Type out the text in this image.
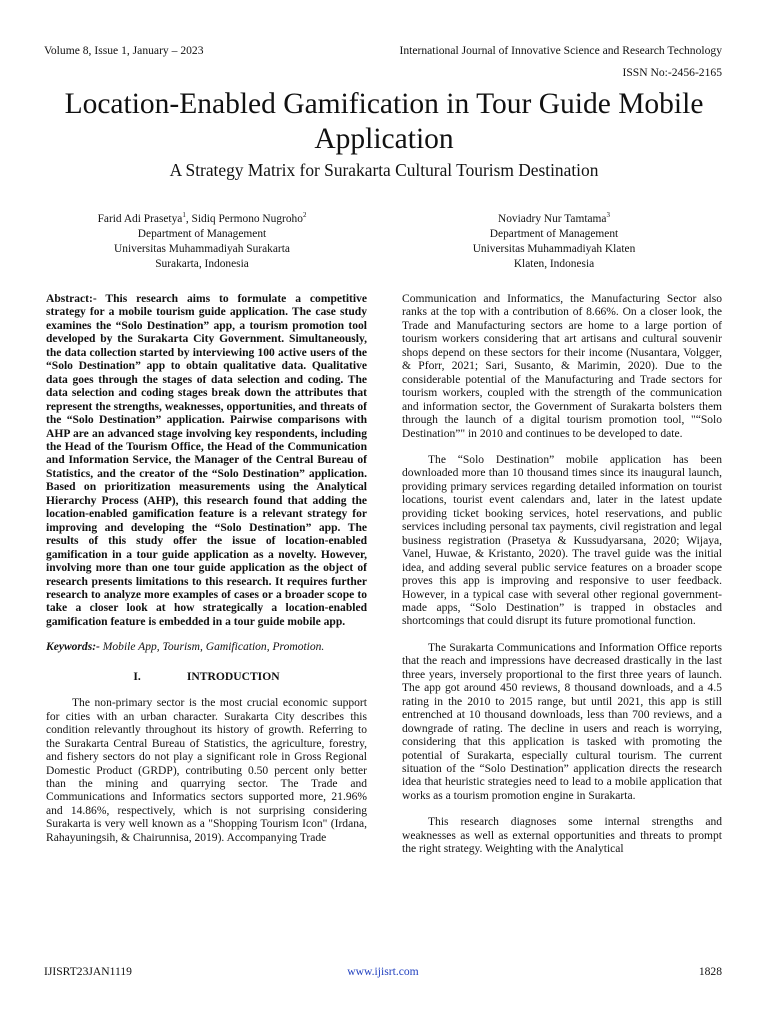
Volume 8, Issue 1, January – 2023	International Journal of Innovative Science and Research Technology
ISSN No:-2456-2165
Location-Enabled Gamification in Tour Guide Mobile Application
A Strategy Matrix for Surakarta Cultural Tourism Destination
Farid Adi Prasetya$^1$, Sidiq Permono Nugroho$^2$
Department of Management
Universitas Muhammadiyah Surakarta
Surakarta, Indonesia
Noviadry Nur Tamtama$^3$
Department of Management
Universitas Muhammadiyah Klaten
Klaten, Indonesia

Abstract:- This research aims to formulate a competitive strategy for a mobile tourism guide application. The case study examines the “Solo Destination” app, a tourism promotion tool developed by the Surakarta City Government. Simultaneously, the data collection started by interviewing 100 active users of the “Solo Destination” app to obtain qualitative data. Qualitative data goes through the stages of data selection and coding. The data selection and coding stages break down the attributes that represent the strengths, weaknesses, opportunities, and threats of the “Solo Destination” application. Pairwise comparisons with AHP are an advanced stage involving key respondents, including the Head of the Tourism Office, the Head of the Communication and Information Service, the Manager of the Central Bureau of Statistics, and the creator of the “Solo Destination” application. Based on prioritization measurements using the Analytical Hierarchy Process (AHP), this research found that adding the location-enabled gamification feature is a relevant strategy for improving and developing the “Solo Destination” app. The results of this study offer the issue of location-enabled gamification in a tour guide application as a novelty. However, involving more than one tour guide application as the object of research presents limitations to this research. It requires further research to analyze more examples of cases or a broader scope to take a closer look at how strategically a location-enabled gamification feature is embedded in a tour guide mobile app.

Keywords:- Mobile App, Tourism, Gamification, Promotion.

I.	INTRODUCTION

The non-primary sector is the most crucial economic support for cities with an urban character. Surakarta City describes this condition relevantly throughout its history of growth. Referring to the Surakarta Central Bureau of Statistics, the agriculture, forestry, and fishery sectors do not play a significant role in Gross Regional Domestic Product (GRDP), contributing 0.50 percent only better than the mining and quarrying sector. The Trade and Communications and Informatics sectors supported more, 21.96% and 14.86%, respectively, which is not surprising considering Surakarta is very well known as a "Shopping Tourism Icon" (Irdana, Rahayuningsih, & Chairunnisa, 2019). Accompanying Trade

Communication and Informatics, the Manufacturing Sector also ranks at the top with a contribution of 8.66%. On a closer look, the Trade and Manufacturing sectors are home to a large portion of tourism workers considering that art artisans and cultural souvenir shops depend on these sectors for their income (Nusantara, Volgger, & Pforr, 2021; Sari, Susanto, & Marimin, 2020). Due to the considerable potential of the Manufacturing and Trade sectors for tourism workers, coupled with the strength of the communication and information sector, the Government of Surakarta bolsters them through the launch of a digital tourism promotion tool, "“Solo Destination”" in 2010 and continues to be developed to date.

The “Solo Destination” mobile application has been downloaded more than 10 thousand times since its inaugural launch, providing primary services regarding detailed information on tourist locations, tourist event calendars and, later in the latest update providing ticket booking services, hotel reservations, and public services including personal tax payments, civil registration and legal business registration (Prasetya & Kussudyarsana, 2020; Wijaya, Vanel, Huwae, & Kristanto, 2020). The travel guide was the initial idea, and adding several public service features on a broader scope proves this app is improving and responsive to user feedback. However, in a typical case with several other regional government-made apps, “Solo Destination” is trapped in obstacles and shortcomings that could disrupt its future promotional function.

The Surakarta Communications and Information Office reports that the reach and impressions have decreased drastically in the last three years, inversely proportional to the first three years of launch. The app got around 450 reviews, 8 thousand downloads, and a 4.5 rating in the 2010 to 2015 range, but until 2021, this app is still entrenched at 10 thousand downloads, less than 700 reviews, and a downgrade of rating. The decline in users and reach is worrying, considering that this application is tasked with promoting the potential of Surakarta, especially cultural tourism. The current situation of the “Solo Destination” application directs the research idea that heuristic strategies need to lead to a mobile application that works as a tourism promotion engine in Surakarta.

This research diagnoses some internal strengths and weaknesses as well as external opportunities and threats to prompt the right strategy. Weighting with the Analytical

IJISRT23JAN1119	www.ijisrt.com	1828
